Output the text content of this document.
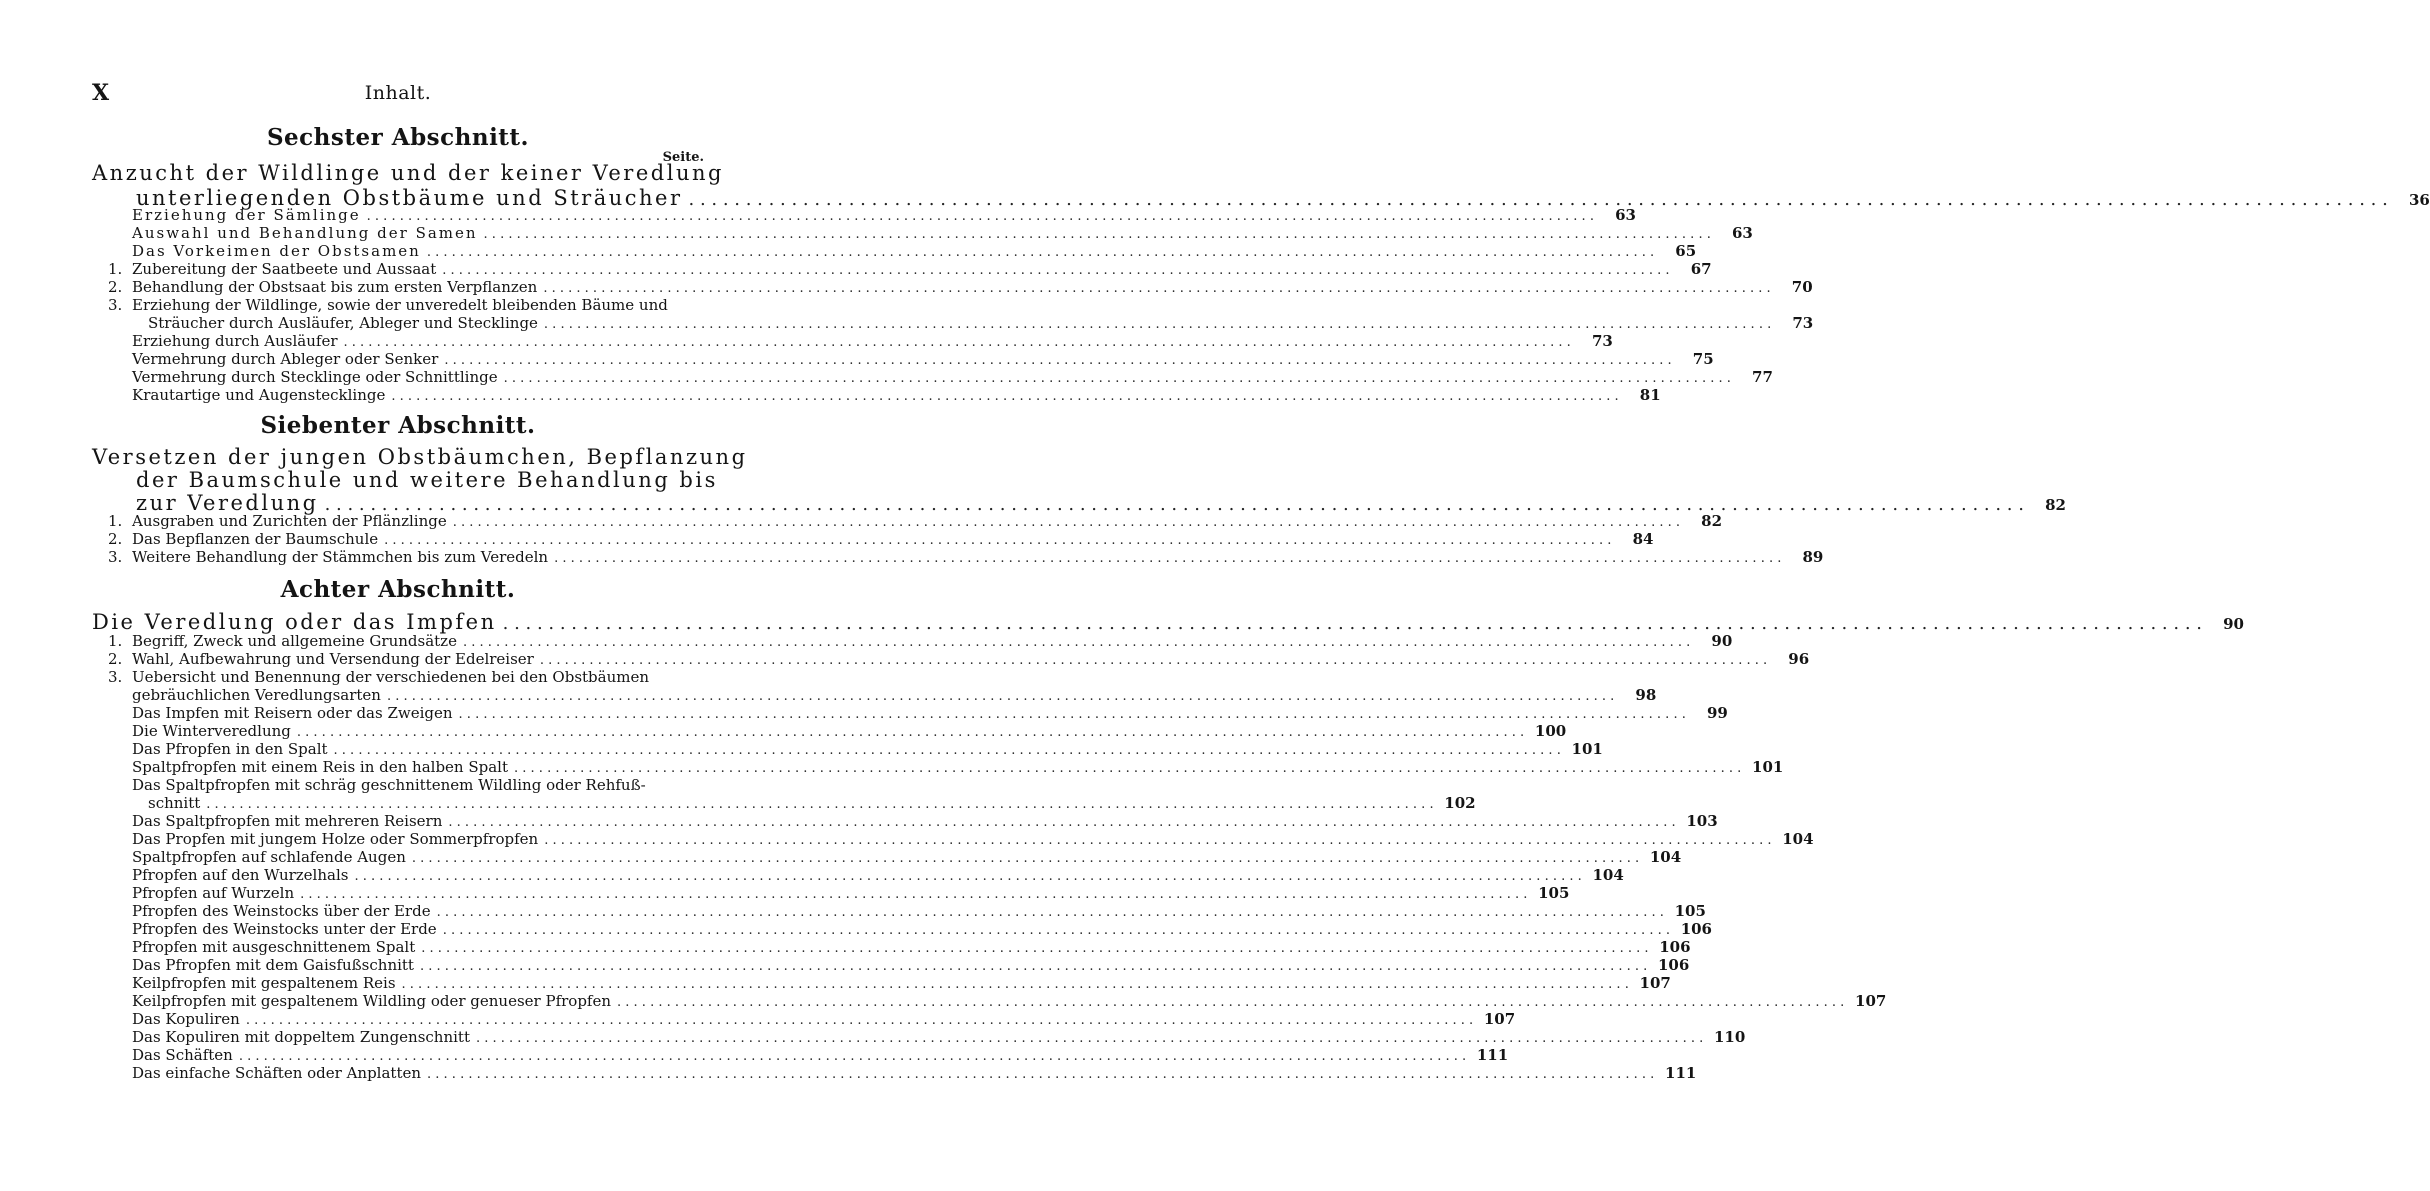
X	Inhalt.
Sechster Abschnitt.
Seite.
Anzucht der Wildlinge und der keiner Veredlung
unterliegenden Obstbäume und Sträucher . . .	36
Erziehung der Sämlinge . . .	63
Auswahl und Behandlung der Samen . . .	63
Das Vorkeimen der Obstsamen . . .	65
1. Zubereitung der Saatbeete und Aussaat . . .	67
2. Behandlung der Obstsaat bis zum ersten Verpflanzen . . .	70
3. Erziehung der Wildlinge, sowie der unveredelt bleibenden Bäume und
Sträucher durch Ausläufer, Ableger und Stecklinge . . .	73
Erziehung durch Ausläufer . . .	73
Vermehrung durch Ableger oder Senker . . .	75
Vermehrung durch Stecklinge oder Schnittlinge . . .	77
Krautartige und Augenstecklinge . . .	81
Siebenter Abschnitt.
Versetzen der jungen Obstbäumchen, Bepflanzung
der Baumschule und weitere Behandlung bis
zur Veredlung . . .	82
1. Ausgraben und Zurichten der Pflänzlinge . . .	82
2. Das Bepflanzen der Baumschule . . .	84
3. Weitere Behandlung der Stämmchen bis zum Veredeln . . .	89
Achter Abschnitt.
Die Veredlung oder das Impfen . . .	90
1. Begriff, Zweck und allgemeine Grundsätze . . .	90
2. Wahl, Aufbewahrung und Versendung der Edelreiser . . .	96
3. Uebersicht und Benennung der verschiedenen bei den Obstbäumen
gebräuchlichen Veredlungsarten . . .	98
Das Impfen mit Reisern oder das Zweigen . . .	99
Die Winterveredlung . . .	100
Das Pfropfen in den Spalt . . .	101
Spaltpfropfen mit einem Reis in den halben Spalt . . .	101
Das Spaltpfropfen mit schräg geschnittenem Wildling oder Rehfuß-
schnitt . . .	102
Das Spaltpfropfen mit mehreren Reisern . . .	103
Das Propfen mit jungem Holze oder Sommerpfropfen . . .	104
Spaltpfropfen auf schlafende Augen . . .	104
Pfropfen auf den Wurzelhals . . .	104
Pfropfen auf Wurzeln . . .	105
Pfropfen des Weinstocks über der Erde . . .	105
Pfropfen des Weinstocks unter der Erde . . .	106
Pfropfen mit ausgeschnittenem Spalt . . .	106
Das Pfropfen mit dem Gaisfußschnitt . . .	106
Keilpfropfen mit gespaltenem Reis . . .	107
Keilpfropfen mit gespaltenem Wildling oder genueser Pfropfen . . .	107
Das Kopuliren . . .	107
Das Kopuliren mit doppeltem Zungenschnitt . . .	110
Das Schäften . . .	111
Das einfache Schäften oder Anplatten . . .	111
